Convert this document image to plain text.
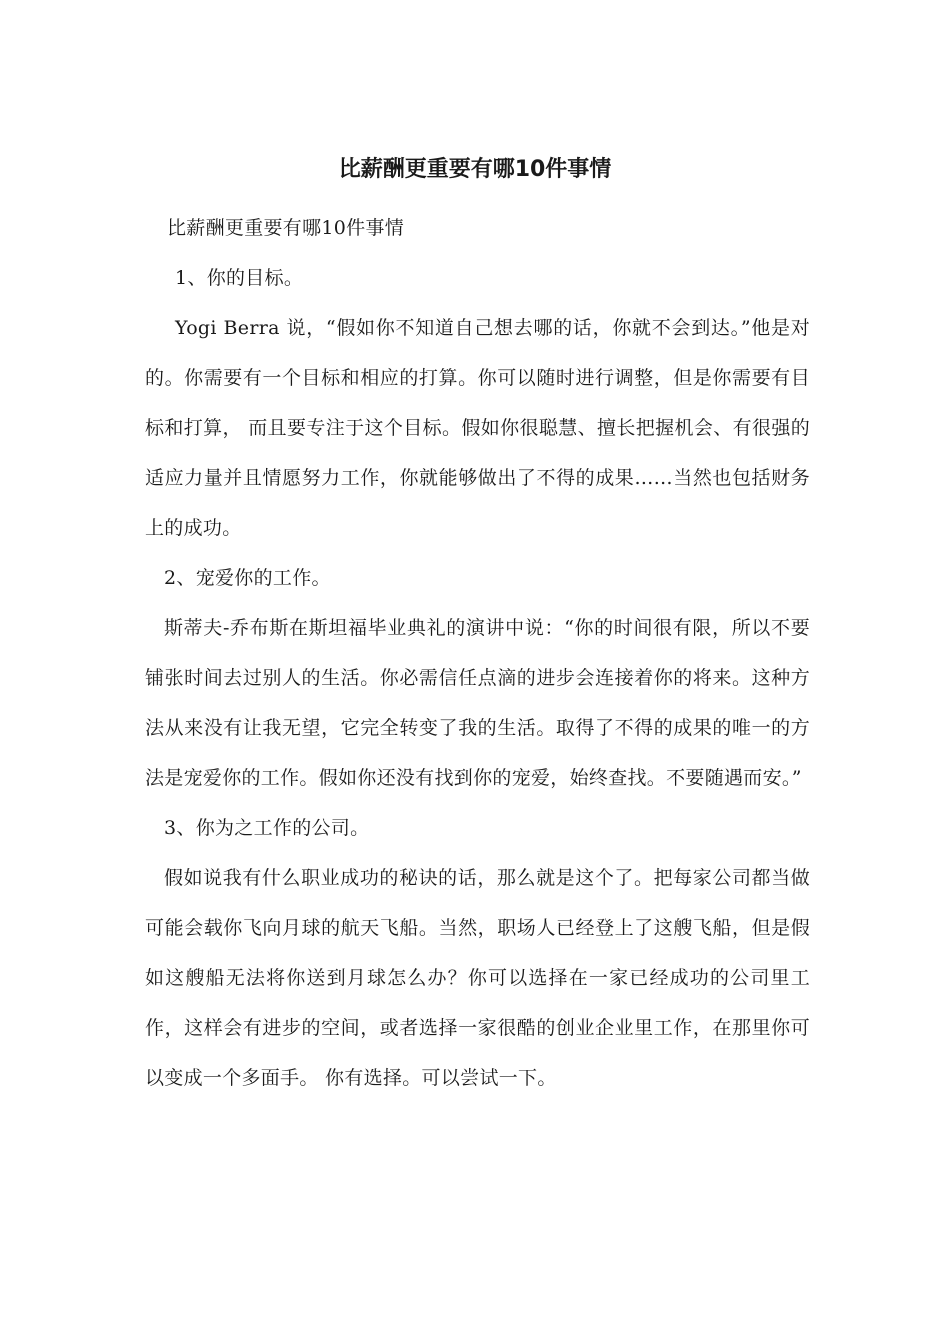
比薪酬更重要有哪10件事情

比薪酬更重要有哪10件事情

1、你的目标。

Yogi Berra 说，“假如你不知道自己想去哪的话，你就不会到达。”他是对的。你需要有一个目标和相应的打算。你可以随时进行调整，但是你需要有目标和打算， 而且要专注于这个目标。假如你很聪慧、擅长把握机会、有很强的适应力量并且情愿努力工作，你就能够做出了不得的成果……当然也包括财务上的成功。

2、宠爱你的工作。

斯蒂夫-乔布斯在斯坦福毕业典礼的演讲中说：“你的时间很有限，所以不要铺张时间去过别人的生活。你必需信任点滴的进步会连接着你的将来。这种方法从来没有让我无望，它完全转变了我的生活。取得了不得的成果的唯一的方法是宠爱你的工作。假如你还没有找到你的宠爱，始终查找。不要随遇而安。”

3、你为之工作的公司。

假如说我有什么职业成功的秘诀的话，那么就是这个了。把每家公司都当做可能会载你飞向月球的航天飞船。当然，职场人已经登上了这艘飞船，但是假如这艘船无法将你送到月球怎么办？你可以选择在一家已经成功的公司里工作，这样会有进步的空间，或者选择一家很酷的创业企业里工作，在那里你可以变成一个多面手。 你有选择。可以尝试一下。
